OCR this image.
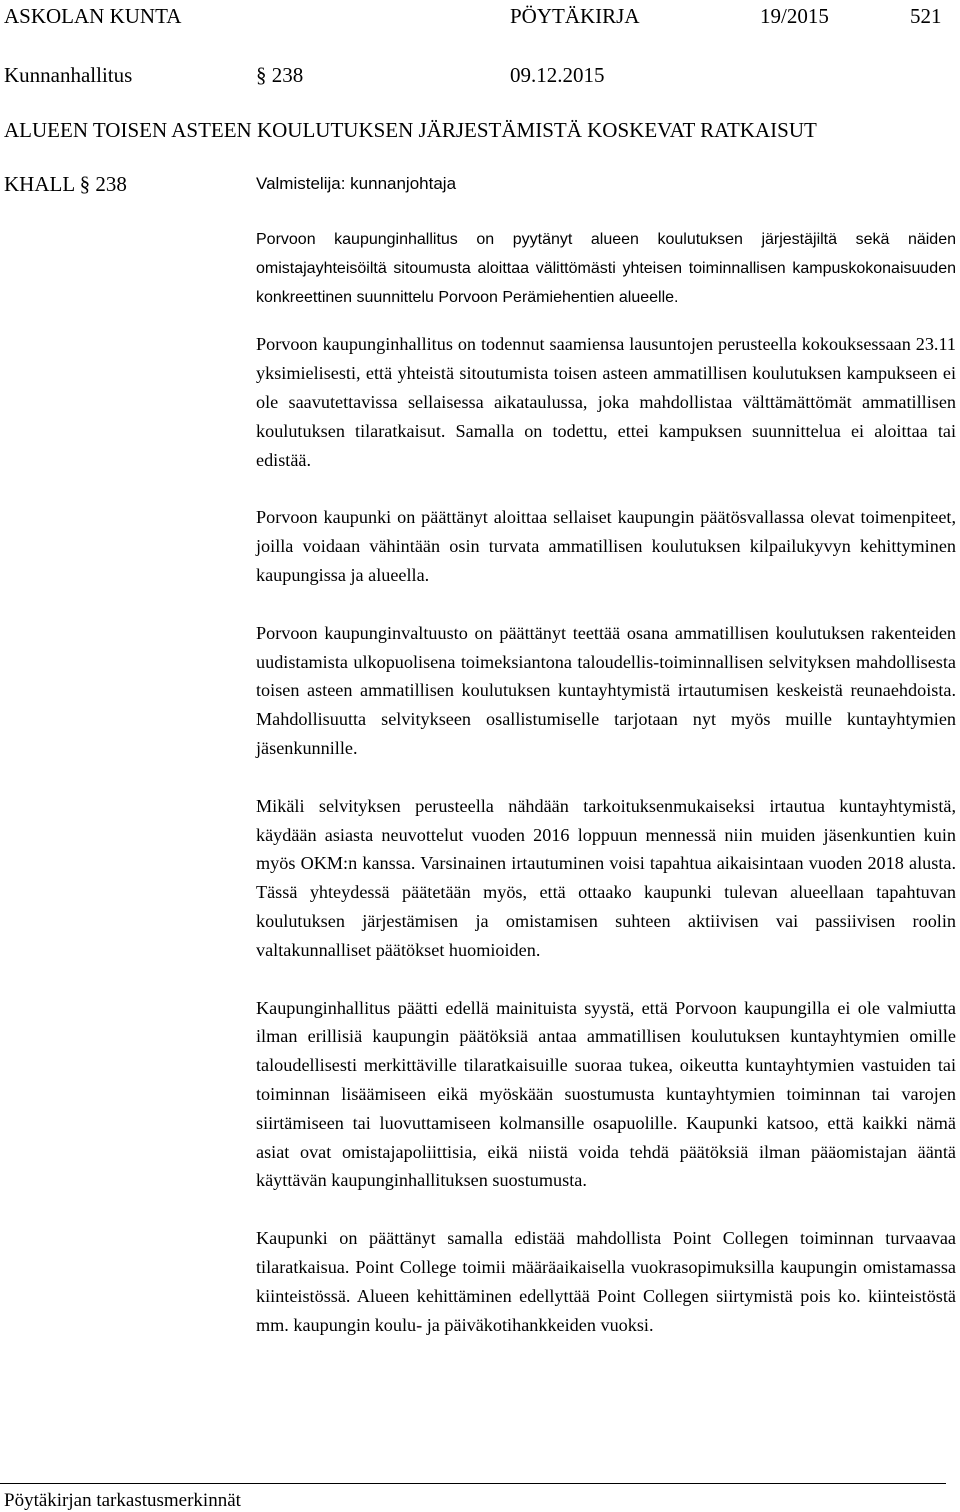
ASKOLAN KUNTA	PÖYTÄKIRJA	19/2015	521
Kunnanhallitus	§ 238	09.12.2015
ALUEEN TOISEN ASTEEN KOULUTUKSEN JÄRJESTÄMISTÄ KOSKEVAT RATKAISUT
KHALL § 238	Valmistelija: kunnanjohtaja

Porvoon kaupunginhallitus on pyytänyt alueen koulutuksen järjestäjiltä sekä näiden omistajayhteisöiltä sitoumusta aloittaa välittömästi yhteisen toiminnallisen kampuskokonaisuuden konkreettinen suunnittelu Porvoon Perämiehentien alueelle.

Porvoon kaupunginhallitus on todennut saamiensa lausuntojen perusteella kokouksessaan 23.11 yksimielisesti, että yhteistä sitoutumista toisen asteen ammatillisen koulutuksen kampukseen ei ole saavutettavissa sellaisessa aikataulussa, joka mahdollistaa välttämättömät ammatillisen koulutuksen tilaratkaisut. Samalla on todettu, ettei kampuksen suunnittelua ei aloittaa tai edistää.

Porvoon kaupunki on päättänyt aloittaa sellaiset kaupungin päätösvallassa olevat toimenpiteet, joilla voidaan vähintään osin turvata ammatillisen koulutuksen kilpailukyvyn kehittyminen kaupungissa ja alueella.

Porvoon kaupunginvaltuusto on päättänyt teettää osana ammatillisen koulutuksen rakenteiden uudistamista ulkopuolisena toimeksiantona taloudellis-toiminnallisen selvityksen mahdollisesta toisen asteen ammatillisen koulutuksen kuntayhtymistä irtautumisen keskeistä reunaehdoista. Mahdollisuutta selvitykseen osallistumiselle tarjotaan nyt myös muille kuntayhtymien jäsenkunnille.

Mikäli selvityksen perusteella nähdään tarkoituksenmukaiseksi irtautua kuntayhtymistä, käydään asiasta neuvottelut vuoden 2016 loppuun mennessä niin muiden jäsenkuntien kuin myös OKM:n kanssa. Varsinainen irtautuminen voisi tapahtua aikaisintaan vuoden 2018 alusta. Tässä yhteydessä päätetään myös, että ottaako kaupunki tulevan alueellaan tapahtuvan koulutuksen järjestämisen ja omistamisen suhteen aktiivisen vai passiivisen roolin valtakunnalliset päätökset huomioiden.

Kaupunginhallitus päätti edellä mainituista syystä, että Porvoon kaupungilla ei ole valmiutta ilman erillisiä kaupungin päätöksiä antaa ammatillisen koulutuksen kuntayhtymien omille taloudellisesti merkittäville tilaratkaisuille suoraa tukea, oikeutta kuntayhtymien vastuiden tai toiminnan lisäämiseen eikä myöskään suostumusta kuntayhtymien toiminnan tai varojen siirtämiseen tai luovuttamiseen kolmansille osapuolille. Kaupunki katsoo, että kaikki nämä asiat ovat omistajapoliittisia, eikä niistä voida tehdä päätöksiä ilman pääomistajan ääntä käyttävän kaupunginhallituksen suostumusta.

Kaupunki on päättänyt samalla edistää mahdollista Point Collegen toiminnan turvaavaa tilaratkaisua. Point College toimii määräaikaisella vuokrasopimuksilla kaupungin omistamassa kiinteistössä. Alueen kehittäminen edellyttää Point Collegen siirtymistä pois ko. kiinteistöstä mm. kaupungin koulu- ja päiväkotihankkeiden vuoksi.

Pöytäkirjan tarkastusmerkinnät
